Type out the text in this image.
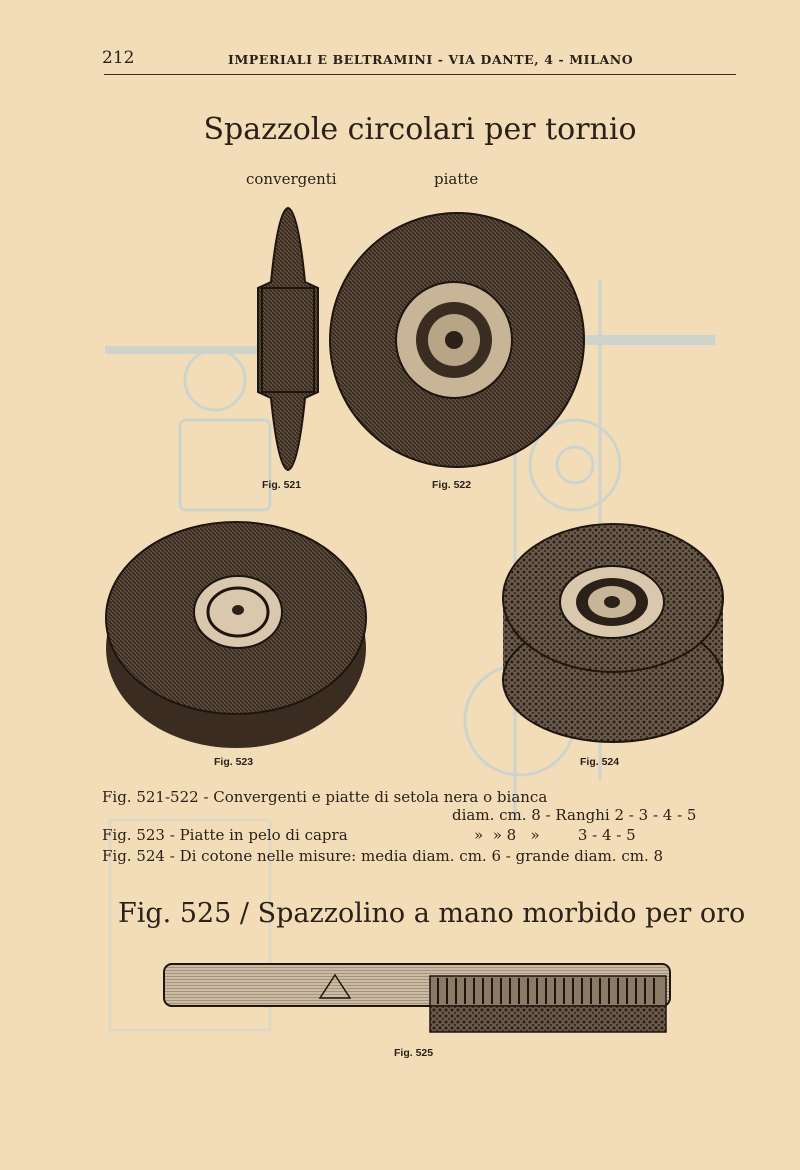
212	IMPERIALI E BELTRAMINI - VIA DANTE, 4 - MILANO
Spazzole circolari per tornio
convergenti	piatte
Fig. 521	Fig. 522
Fig. 523	Fig. 524
Fig. 521-522 - Convergenti e piatte di setola nera o bianca
diam. cm. 8 - Ranghi 2 - 3 - 4 - 5
Fig. 523 - Piatte in pelo di capra	»  » 8   »        3 - 4 - 5
Fig. 524 - Di cotone nelle misure: media diam. cm. 6 - grande diam. cm. 8
Fig. 525 / Spazzolino a mano morbido per oro
Fig. 525
